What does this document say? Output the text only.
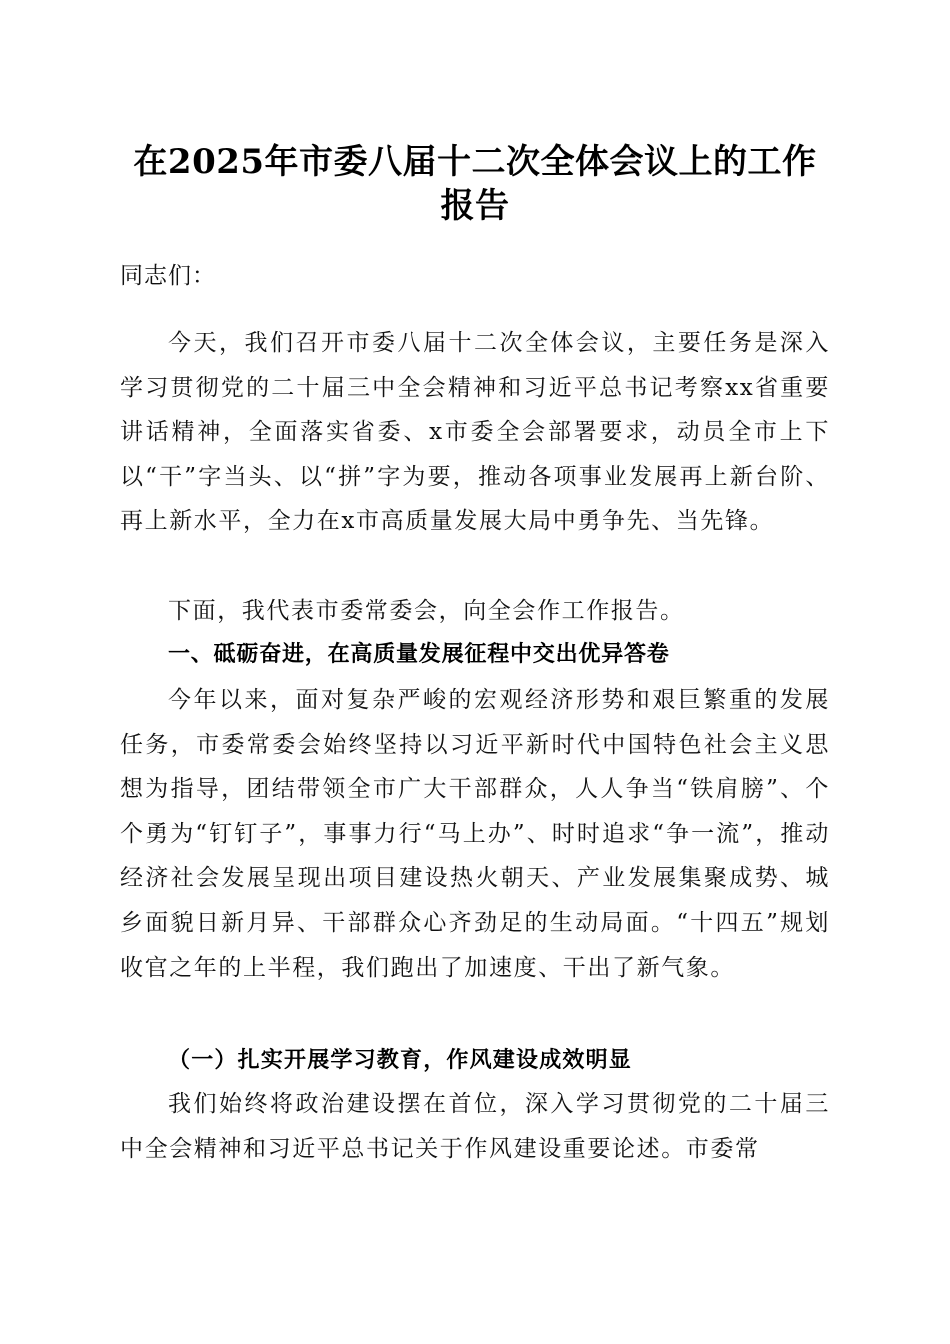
在2025年市委八届十二次全体会议上的工作
报告
同志们：
今天，我们召开市委八届十二次全体会议，主要任务是深入学习贯彻党的二十届三中全会精神和习近平总书记考察xx省重要讲话精神，全面落实省委、x市委全会部署要求，动员全市上下以“干”字当头、以“拼”字为要，推动各项事业发展再上新台阶、再上新水平，全力在x市高质量发展大局中勇争先、当先锋。
下面，我代表市委常委会，向全会作工作报告。
一、砥砺奋进，在高质量发展征程中交出优异答卷
今年以来，面对复杂严峻的宏观经济形势和艰巨繁重的发展任务，市委常委会始终坚持以习近平新时代中国特色社会主义思想为指导，团结带领全市广大干部群众，人人争当“铁肩膀”、个个勇为“钉钉子”，事事力行“马上办”、时时追求“争一流”，推动经济社会发展呈现出项目建设热火朝天、产业发展集聚成势、城乡面貌日新月异、干部群众心齐劲足的生动局面。“十四五”规划收官之年的上半程，我们跑出了加速度、干出了新气象。
（一）扎实开展学习教育，作风建设成效明显
我们始终将政治建设摆在首位，深入学习贯彻党的二十届三中全会精神和习近平总书记关于作风建设重要论述。市委常
